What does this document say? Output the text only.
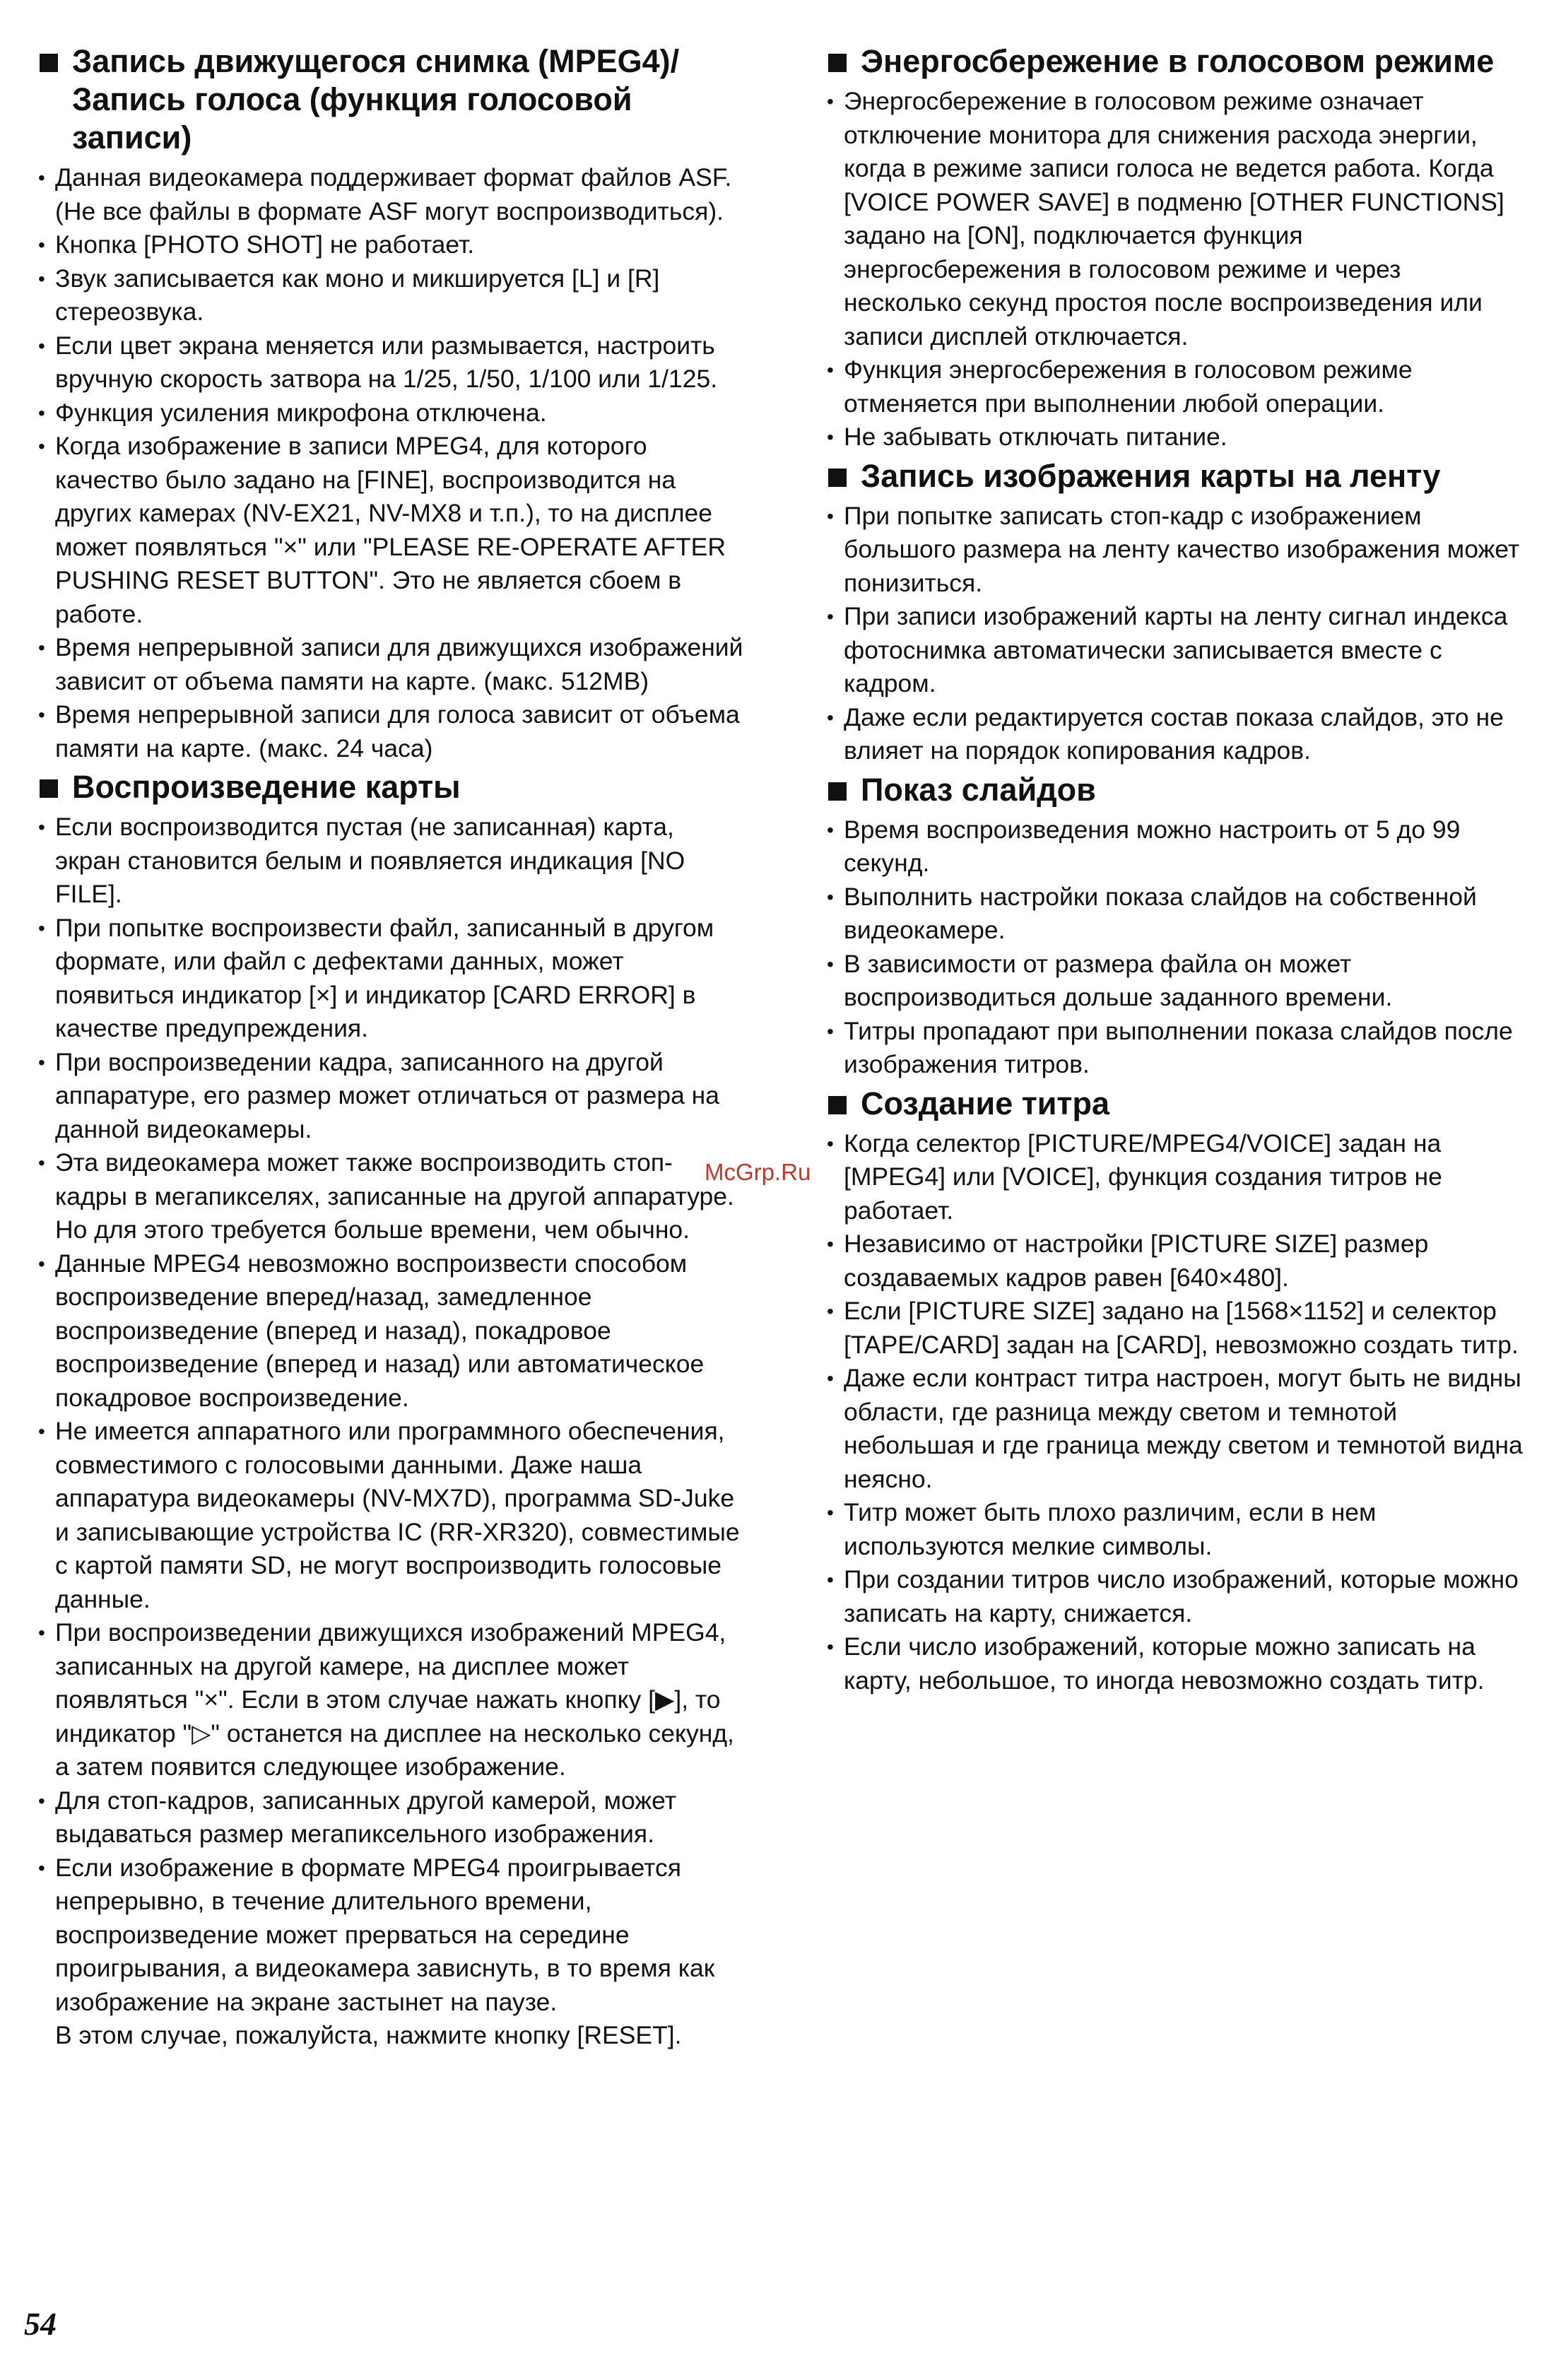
Запись движущегося снимка (MPEG4)/ Запись голоса (функция голосовой записи)
• Данная видеокамера поддерживает формат файлов ASF. (Не все файлы в формате ASF могут воспроизводиться).
• Кнопка [PHOTO SHOT] не работает.
• Звук записывается как моно и микшируется [L] и [R] стереозвука.
• Если цвет экрана меняется или размывается, настроить вручную скорость затвора на 1/25, 1/50, 1/100 или 1/125.
• Функция усиления микрофона отключена.
• Когда изображение в записи MPEG4, для которого качество было задано на [FINE], воспроизводится на других камерах (NV-EX21, NV-MX8 и т.п.), то на дисплее может появляться "×" или "PLEASE RE-OPERATE AFTER PUSHING RESET BUTTON". Это не является сбоем в работе.
• Время непрерывной записи для движущихся изображений зависит от объема памяти на карте. (макс. 512MB)
• Время непрерывной записи для голоса зависит от объема памяти на карте. (макс. 24 часа)
Воспроизведение карты
• Если воспроизводится пустая (не записанная) карта, экран становится белым и появляется индикация [NO FILE].
• При попытке воспроизвести файл, записанный в другом формате, или файл с дефектами данных, может появиться индикатор [×] и индикатор [CARD ERROR] в качестве предупреждения.
• При воспроизведении кадра, записанного на другой аппаратуре, его размер может отличаться от размера на данной видеокамеры.
• Эта видеокамера может также воспроизводить стоп-кадры в мегапикселях, записанные на другой аппаратуре. Но для этого требуется больше времени, чем обычно.
• Данные MPEG4 невозможно воспроизвести способом воспроизведение вперед/назад, замедленное воспроизведение (вперед и назад), покадровое воспроизведение (вперед и назад) или автоматическое покадровое воспроизведение.
• Не имеется аппаратного или программного обеспечения, совместимого с голосовыми данными. Даже наша аппаратура видеокамеры (NV-MX7D), программа SD-Juke и записывающие устройства IC (RR-XR320), совместимые с картой памяти SD, не могут воспроизводить голосовые данные.
• При воспроизведении движущихся изображений MPEG4, записанных на другой камере, на дисплее может появляться "×". Если в этом случае нажать кнопку [▶], то индикатор "▷" останется на дисплее на несколько секунд, а затем появится следующее изображение.
• Для стоп-кадров, записанных другой камерой, может выдаваться размер мегапиксельного изображения.
• Если изображение в формате MPEG4 проигрывается непрерывно, в течение длительного времени, воспроизведение может прерваться на середине проигрывания, а видеокамера зависнуть, в то время как изображение на экране застынет на паузе.
В этом случае, пожалуйста, нажмите кнопку [RESET].
Энергосбережение в голосовом режиме
• Энергосбережение в голосовом режиме означает отключение монитора для снижения расхода энергии, когда в режиме записи голоса не ведется работа. Когда [VOICE POWER SAVE] в подменю [OTHER FUNCTIONS] задано на [ON], подключается функция энергосбережения в голосовом режиме и через несколько секунд простоя после воспроизведения или записи дисплей отключается.
• Функция энергосбережения в голосовом режиме отменяется при выполнении любой операции.
• Не забывать отключать питание.
Запись изображения карты на ленту
• При попытке записать стоп-кадр с изображением большого размера на ленту качество изображения может понизиться.
• При записи изображений карты на ленту сигнал индекса фотоснимка автоматически записывается вместе с кадром.
• Даже если редактируется состав показа слайдов, это не влияет на порядок копирования кадров.
Показ слайдов
• Время воспроизведения можно настроить от 5 до 99 секунд.
• Выполнить настройки показа слайдов на собственной видеокамере.
• В зависимости от размера файла он может воспроизводиться дольше заданного времени.
• Титры пропадают при выполнении показа слайдов после изображения титров.
Создание титра
• Когда селектор [PICTURE/MPEG4/VOICE] задан на [MPEG4] или [VOICE], функция создания титров не работает.
• Независимо от настройки [PICTURE SIZE] размер создаваемых кадров равен [640×480].
• Если [PICTURE SIZE] задано на [1568×1152] и селектор [TAPE/CARD] задан на [CARD], невозможно создать титр.
• Даже если контраст титра настроен, могут быть не видны области, где разница между светом и темнотой небольшая и где граница между светом и темнотой видна неясно.
• Титр может быть плохо различим, если в нем используются мелкие символы.
• При создании титров число изображений, которые можно записать на карту, снижается.
• Если число изображений, которые можно записать на карту, небольшое, то иногда невозможно создать титр.
McGrp.Ru
54
